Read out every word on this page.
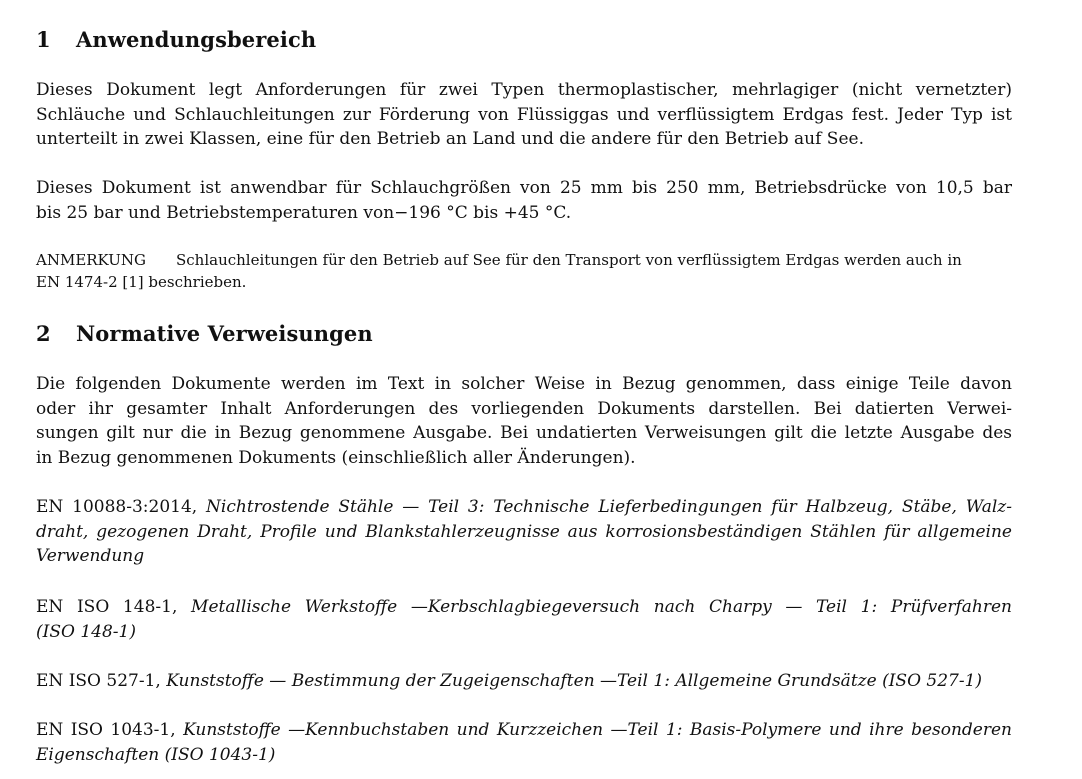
1 Anwendungsbereich
Dieses Dokument legt Anforderungen für zwei Typen thermoplastischer, mehrlagiger (nicht vernetzter)
Schläuche und Schlauchleitungen zur Förderung von Flüssiggas und verflüssigtem Erdgas fest. Jeder Typ ist
unterteilt in zwei Klassen, eine für den Betrieb an Land und die andere für den Betrieb auf See.
Dieses Dokument ist anwendbar für Schlauchgrößen von 25 mm bis 250 mm, Betriebsdrücke von 10,5 bar
bis 25 bar und Betriebstemperaturen von−196 °C bis +45 °C.
ANMERKUNG Schlauchleitungen für den Betrieb auf See für den Transport von verflüssigtem Erdgas werden auch in
EN 1474-2 [1] beschrieben.
2 Normative Verweisungen
Die folgenden Dokumente werden im Text in solcher Weise in Bezug genommen, dass einige Teile davon
oder ihr gesamter Inhalt Anforderungen des vorliegenden Dokuments darstellen. Bei datierten Verwei-
sungen gilt nur die in Bezug genommene Ausgabe. Bei undatierten Verweisungen gilt die letzte Ausgabe des
in Bezug genommenen Dokuments (einschließlich aller Änderungen).
EN 10088-3:2014, Nichtrostende Stähle — Teil 3: Technische Lieferbedingungen für Halbzeug, Stäbe, Walz-
draht, gezogenen Draht, Profile und Blankstahlerzeugnisse aus korrosionsbeständigen Stählen für allgemeine
Verwendung
EN ISO 148-1, Metallische Werkstoffe —Kerbschlagbiegeversuch nach Charpy — Teil 1: Prüfverfahren
(ISO 148-1)
EN ISO 527-1, Kunststoffe — Bestimmung der Zugeigenschaften —Teil 1: Allgemeine Grundsätze (ISO 527-1)
EN ISO 1043-1, Kunststoffe —Kennbuchstaben und Kurzzeichen —Teil 1: Basis-Polymere und ihre besonderen
Eigenschaften (ISO 1043-1)
